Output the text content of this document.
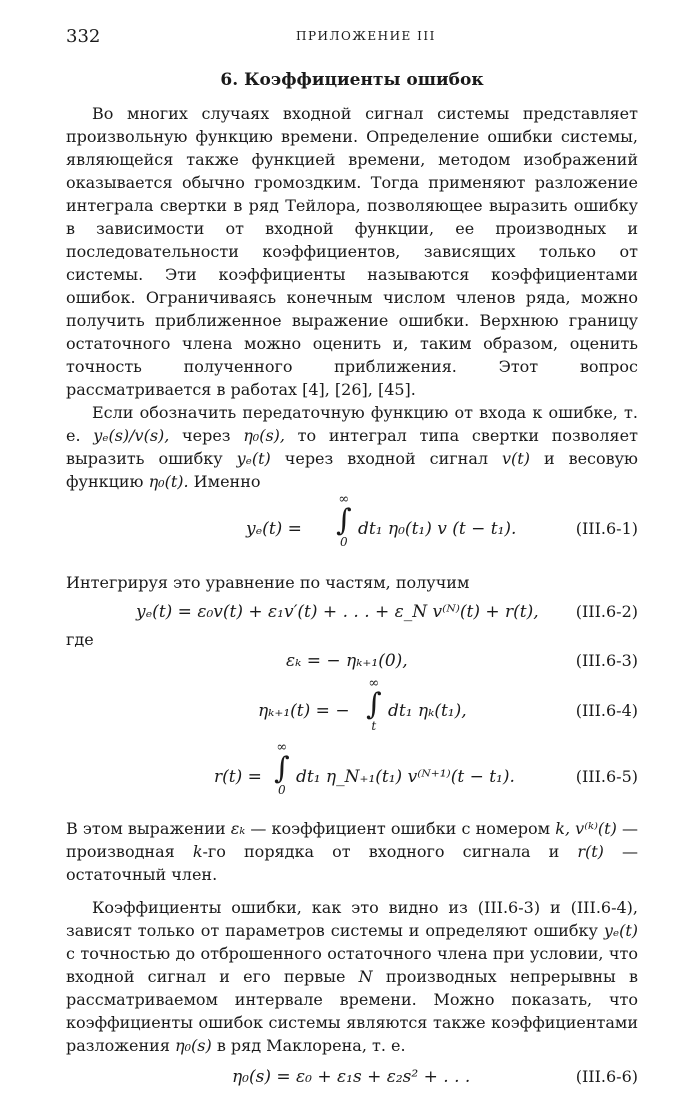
332	ПРИЛОЖЕНИЕ III
6. Коэффициенты ошибок

Во многих случаях входной сигнал системы представляет произвольную функцию времени. Определение ошибки системы, являющейся также функцией времени, методом изображений оказывается обычно громоздким. Тогда применяют разложение интеграла свертки в ряд Тейлора, позволяющее выразить ошибку в зависимости от входной функции, ее производных и последовательности коэффициентов, зависящих только от системы. Эти коэффициенты называются коэффициентами ошибок. Ограничиваясь конечным числом членов ряда, можно получить приближенное выражение ошибки. Верхнюю границу остаточного члена можно оценить и, таким образом, оценить точность полученного приближения. Этот вопрос рассматривается в работах [4], [26], [45].

Если обозначить передаточную функцию от входа к ошибке, т. е. yₑ(s)/v(s), через η₀(s), то интеграл типа свертки позволяет выразить ошибку yₑ(t) через входной сигнал v(t) и весовую функцию η₀(t). Именно

yₑ(t) =
∞
∫
0
dt₁ η₀(t₁) v (t − t₁).	(III.6-1)

Интегрируя это уравнение по частям, получим

yₑ(t) = ε₀v(t) + ε₁v′(t) + . . . + ε_N v⁽ᴺ⁾(t) + r(t), (III.6-2)

где

εₖ = − ηₖ₊₁(0),	(III.6-3)
ηₖ₊₁(t) = −
∞
∫
t
dt₁ ηₖ(t₁),	(III.6-4)
r(t) =
∞
∫
0
dt₁ η_N₊₁(t₁) v⁽ᴺ⁺¹⁾(t − t₁).	(III.6-5)

В этом выражении εₖ — коэффициент ошибки с номером k, v⁽ᵏ⁾(t) — производная k-го порядка от входного сигнала и r(t) — остаточный член.

Коэффициенты ошибки, как это видно из (III.6-3) и (III.6-4), зависят только от параметров системы и определяют ошибку yₑ(t) с точностью до отброшенного остаточного члена при условии, что входной сигнал и его первые N производных непрерывны в рассматриваемом интервале времени. Можно показать, что коэффициенты ошибок системы являются также коэффициентами разложения η₀(s) в ряд Маклорена, т. е.

η₀(s) = ε₀ + ε₁s + ε₂s² + . . .	(III.6-6)
